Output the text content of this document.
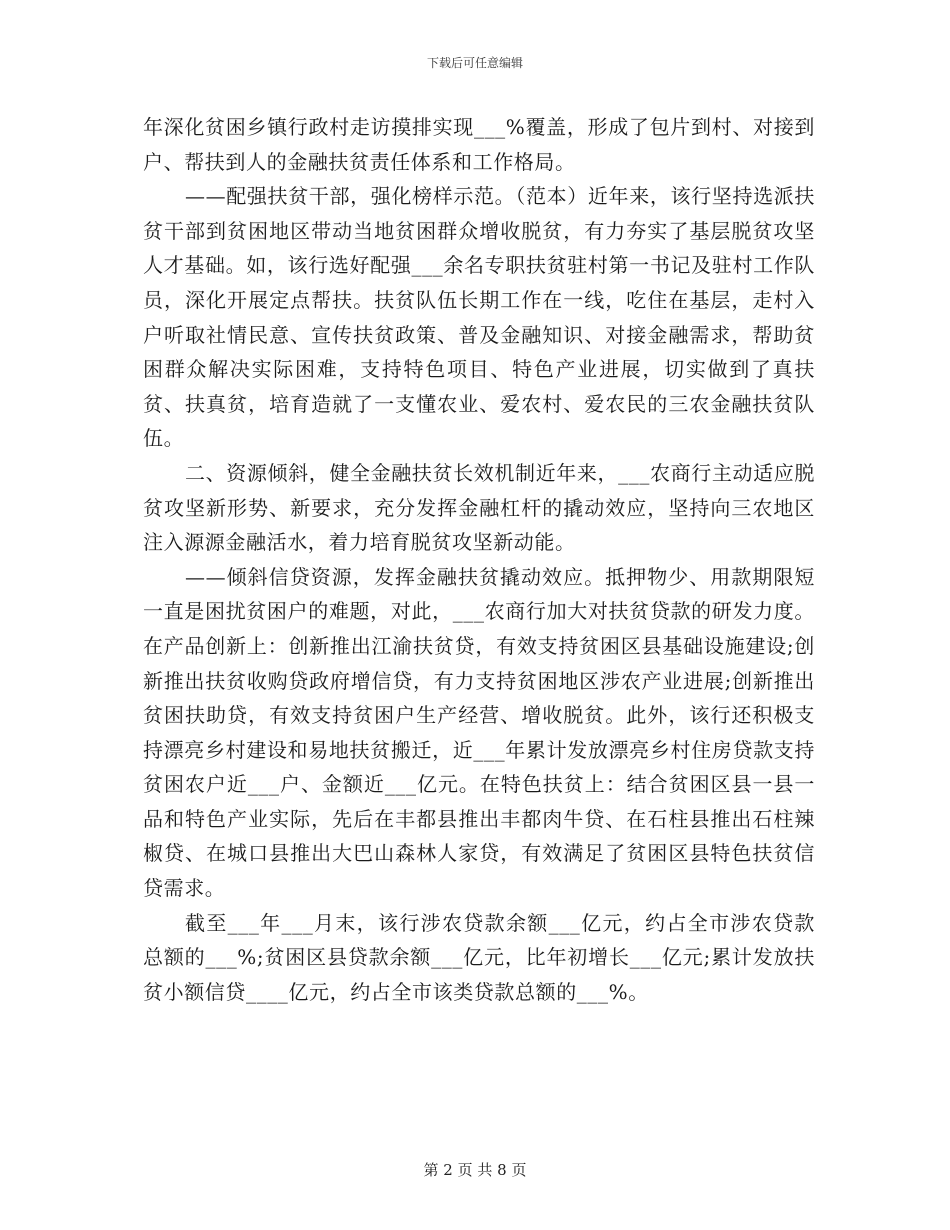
下载后可任意编辑

年深化贫困乡镇行政村走访摸排实现___%覆盖，形成了包片到村、对接到户、帮扶到人的金融扶贫责任体系和工作格局。

——配强扶贫干部，强化榜样示范。（范本）近年来，该行坚持选派扶贫干部到贫困地区带动当地贫困群众增收脱贫，有力夯实了基层脱贫攻坚人才基础。如，该行选好配强___余名专职扶贫驻村第一书记及驻村工作队员，深化开展定点帮扶。扶贫队伍长期工作在一线，吃住在基层，走村入户听取社情民意、宣传扶贫政策、普及金融知识、对接金融需求，帮助贫困群众解决实际困难，支持特色项目、特色产业进展，切实做到了真扶贫、扶真贫，培育造就了一支懂农业、爱农村、爱农民的三农金融扶贫队伍。

二、资源倾斜，健全金融扶贫长效机制近年来，___农商行主动适应脱贫攻坚新形势、新要求，充分发挥金融杠杆的撬动效应，坚持向三农地区注入源源金融活水，着力培育脱贫攻坚新动能。

——倾斜信贷资源，发挥金融扶贫撬动效应。抵押物少、用款期限短一直是困扰贫困户的难题，对此，___农商行加大对扶贫贷款的研发力度。在产品创新上：创新推出江渝扶贫贷，有效支持贫困区县基础设施建设;创新推出扶贫收购贷政府增信贷，有力支持贫困地区涉农产业进展;创新推出贫困扶助贷，有效支持贫困户生产经营、增收脱贫。此外，该行还积极支持漂亮乡村建设和易地扶贫搬迁，近___年累计发放漂亮乡村住房贷款支持贫困农户近___户、金额近___亿元。在特色扶贫上：结合贫困区县一县一品和特色产业实际，先后在丰都县推出丰都肉牛贷、在石柱县推出石柱辣椒贷、在城口县推出大巴山森林人家贷，有效满足了贫困区县特色扶贫信贷需求。

截至___年___月末，该行涉农贷款余额___亿元，约占全市涉农贷款总额的___%;贫困区县贷款余额___亿元，比年初增长___亿元;累计发放扶贫小额信贷____亿元，约占全市该类贷款总额的___%。

第 2 页 共 8 页
